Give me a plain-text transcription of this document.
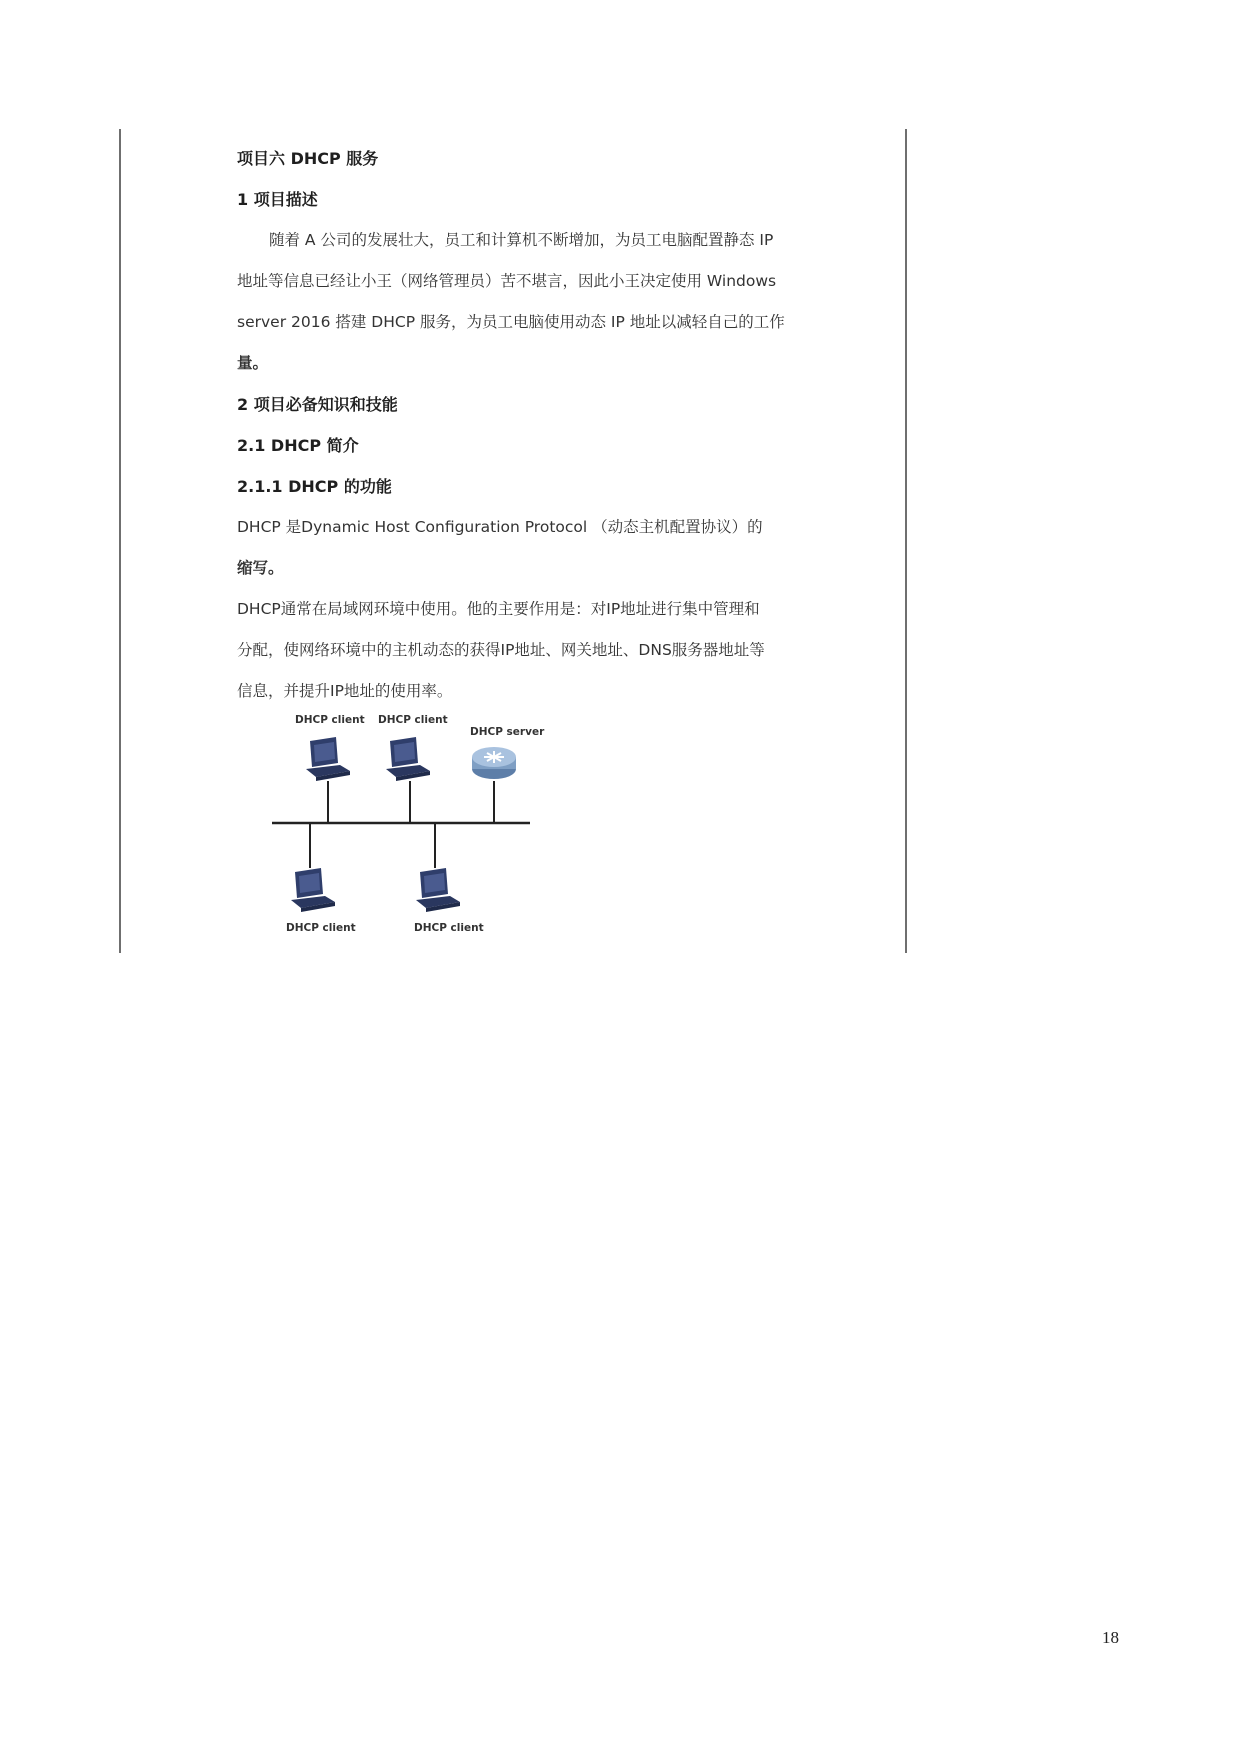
项目六 DHCP 服务

1 项目描述

随着 A 公司的发展壮大，员工和计算机不断增加，为员工电脑配置静态 IP

地址等信息已经让小王（网络管理员）苦不堪言，因此小王决定使用 Windows

server 2016 搭建 DHCP 服务，为员工电脑使用动态 IP 地址以减轻自己的工作

量。

2 项目必备知识和技能

2.1 DHCP 简介

2.1.1 DHCP 的功能

DHCP 是Dynamic Host Configuration Protocol （动态主机配置协议）的

缩写。

DHCP通常在局域网环境中使用。他的主要作用是：对IP地址进行集中管理和

分配，使网络环境中的主机动态的获得IP地址、网关地址、DNS服务器地址等

信息，并提升IP地址的使用率。

DHCP client DHCP client
DHCP server
DHCP client	DHCP client
18
